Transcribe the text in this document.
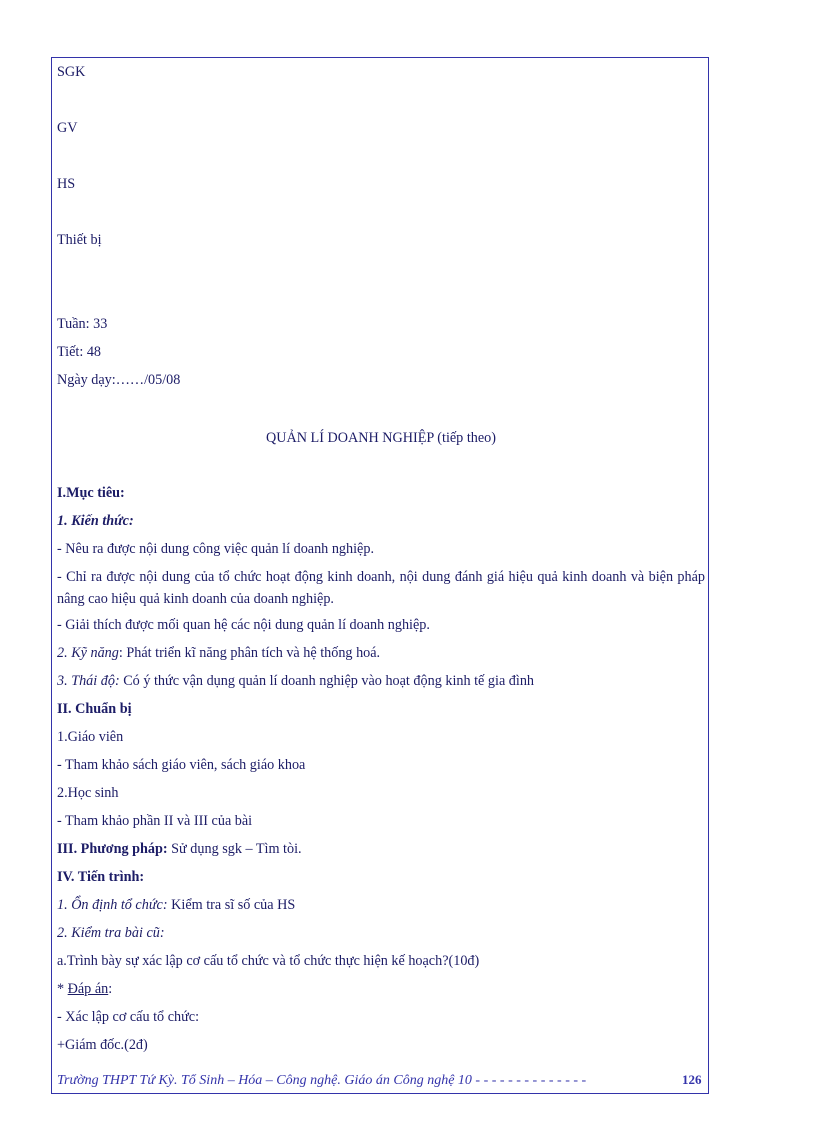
SGK
GV
HS
Thiết bị
Tuần: 33
Tiết: 48
Ngày dạy:……/05/08
QUẢN LÍ DOANH NGHIỆP (tiếp theo)
I.Mục tiêu:
1. Kiến thức:
- Nêu ra được nội dung công việc quản lí doanh nghiệp.
- Chỉ ra được nội dung của tổ chức hoạt động kinh doanh, nội dung đánh giá hiệu quả kinh doanh và biện pháp nâng cao hiệu quả kinh doanh của doanh nghiệp.
- Giải thích được mối quan hệ các nội dung quản lí doanh nghiệp.
2. Kỹ năng: Phát triển kĩ năng phân tích và hệ thống hoá.
3. Thái độ: Có ý thức vận dụng quản lí doanh nghiệp vào hoạt động kinh tế gia đình
II. Chuẩn bị
1.Giáo viên
- Tham khảo sách giáo viên, sách giáo khoa
2.Học sinh
- Tham khảo phần II và III của bài
III. Phương pháp: Sử dụng sgk – Tìm tòi.
IV. Tiến trình:
1. Ổn định tổ chức: Kiểm tra sĩ số của HS
2. Kiểm tra bài cũ:
a.Trình bày sự xác lập cơ cấu tổ chức và tổ chức thực hiện kế hoạch?(10đ)
* Đáp án:
- Xác lập cơ cấu tổ chức:
+Giám đốc.(2đ)
Trường THPT Tứ Kỳ. Tổ Sinh – Hóa – Công nghệ. Giáo án Công nghệ 10 - - - - - - - - - - - - - -	126
